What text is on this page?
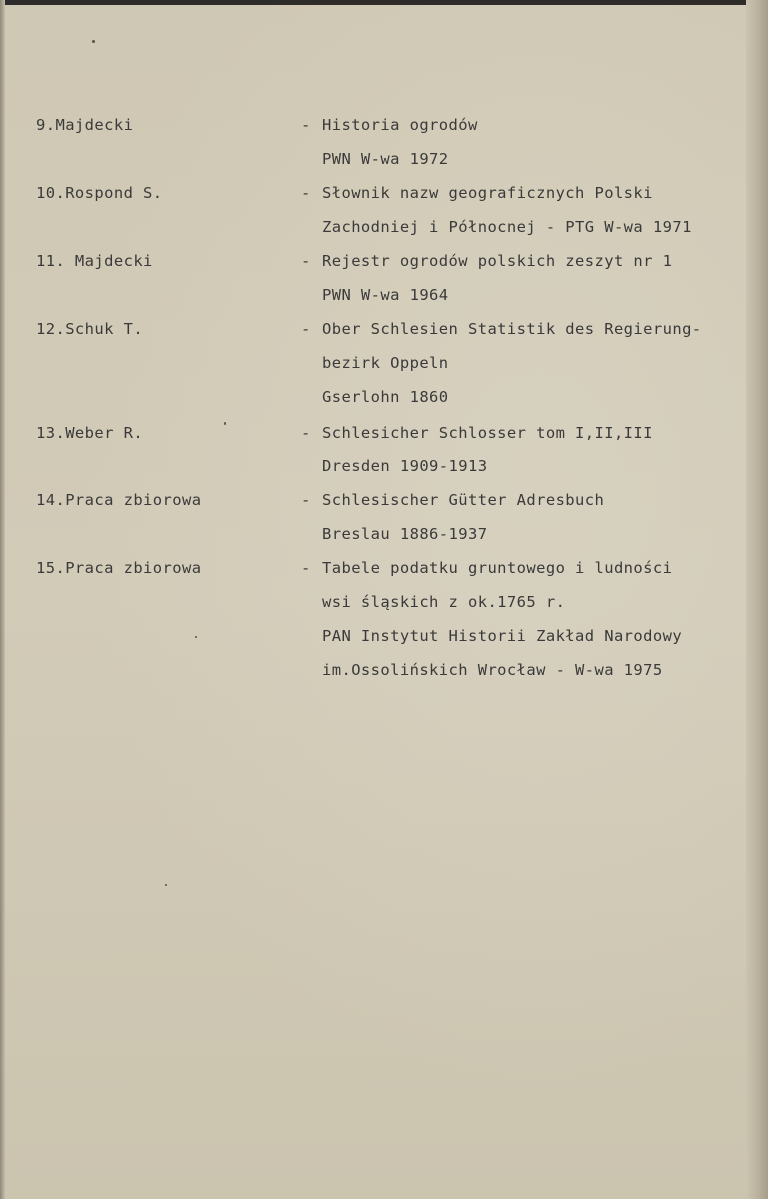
9.Majdecki	- Historia ogrodów
PWN W-wa 1972
10.Rospond S.	- Słownik nazw geograficznych Polski
Zachodniej i Północnej - PTG W-wa 1971
11. Majdecki	- Rejestr ogrodów polskich zeszyt nr 1
PWN W-wa 1964
12.Schuk T.	- Ober Schlesien Statistik des Regierung-
bezirk Oppeln
Gserlohn 1860
13.Weber R.	- Schlesicher Schlosser tom I,II,III
Dresden 1909-1913
14.Praca zbiorowa	- Schlesischer Gütter Adresbuch
Breslau 1886-1937
15.Praca zbiorowa	- Tabele podatku gruntowego i ludności
wsi śląskich z ok.1765 r.
PAN Instytut Historii Zakład Narodowy
im.Ossolińskich Wrocław - W-wa 1975
